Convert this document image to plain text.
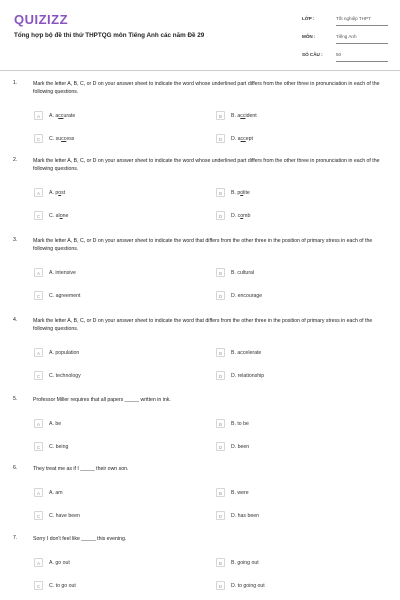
QUIZIZZ
Tổng hợp bộ đề thi thử THPTQG môn Tiếng Anh các năm Đề 29
LỚP :	Tốt nghiệp THPT
MÔN :	Tiếng Anh
SỐ CÂU :	50
1.	Mark the letter A, B, C, or D on your answer sheet to indicate the word whose underlined part differs from the other three in pronunciation in each of the following questions.
A	A. accurate	B	B. accident
C	C. success	D	D. accept
2.	Mark the letter A, B, C, or D on your answer sheet to indicate the word whose underlined part differs from the other three in pronunciation in each of the following questions.
A	A. post	B	B. polite
C	C. alone	D	D. comb
3.	Mark the letter A, B, C, or D on your answer sheet to indicate the word that differs from the other three in the position of primary stress in each of the following questions.
A	A. intensive	B	B. cultural
C	C. agreement	D	D. encourage
4.	Mark the letter A, B, C, or D on your answer sheet to indicate the word that differs from the other three in the position of primary stress in each of the following questions.
A	A. population	B	B. accelerate
C	C. technology	D	D. relationship
5.	Professor Miller requires that all papers _____ written in ink.
A	A. be	B	B. to be
C	C. being	D	D. been
6.	They treat me as if I _____ their own son.
A	A. am	B	B. were
C	C. have been	D	D. has been
7.	Sorry I don't feel like _____ this evening.
A	A. go out	B	B. going out
C	C. to go out	D	D. to going out
